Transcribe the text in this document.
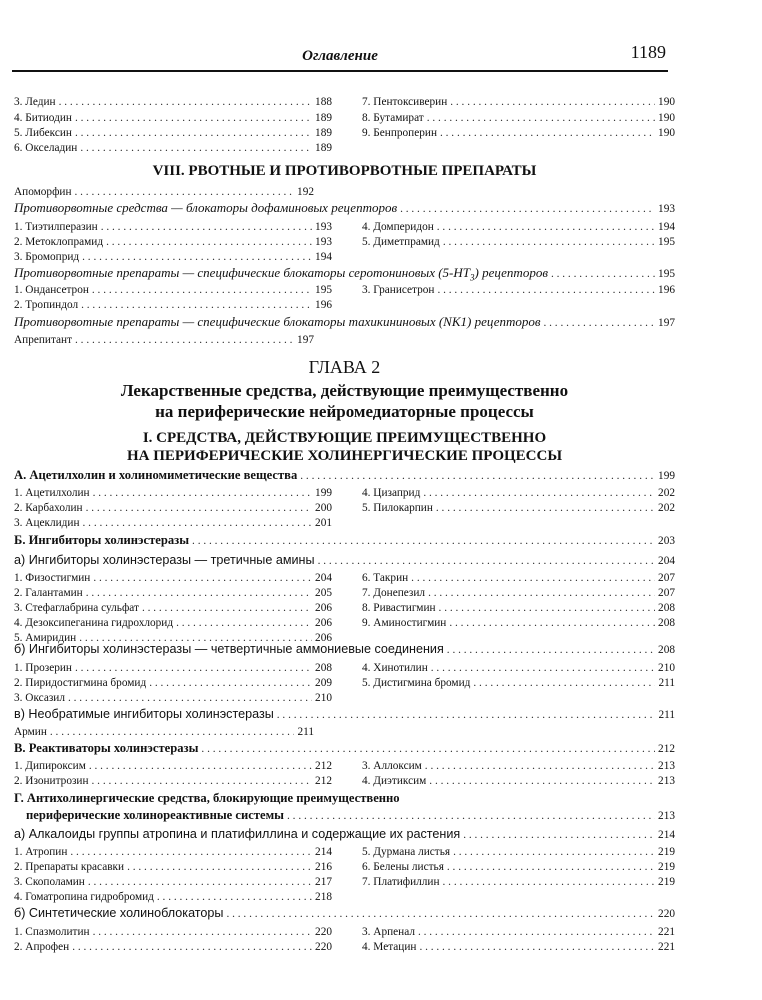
Оглавление	1189
3. Ледин . . .	188
4. Битиодин . . .	189
5. Либексин . . .	189
6. Окселадин . . .	189
7. Пентоксиверин . . .	190
8. Бутамират . . .	190
9. Бенпроперин . . .	190
VIII. РВОТНЫЕ И ПРОТИВОРВОТНЫЕ ПРЕПАРАТЫ
Апоморфин . . .	192
Противорвотные средства — блокаторы дофаминовых рецепторов . . .	193
1. Тиэтилперазин . . .	193
2. Метоклопрамид . . .	193
3. Бромоприд . . .	194
4. Домперидон . . .	194
5. Диметпрамид . . .	195
Противорвотные препараты — специфические блокаторы серотониновых $(5-НТ_3)$ рецепторов . . .	195
1. Ондансетрон . . .	195
2. Тропиндол . . .	196
3. Гранисетрон . . .	196
Противорвотные препараты — специфические блокаторы тахикининовых (NK1) рецепторов . . .	197
Апрепитант . . .	197
ГЛАВА 2
Лекарственные средства, действующие преимущественно
на периферические нейромедиаторные процессы
I. СРЕДСТВА, ДЕЙСТВУЮЩИЕ ПРЕИМУЩЕСТВЕННО
НА ПЕРИФЕРИЧЕСКИЕ ХОЛИНЕРГИЧЕСКИЕ ПРОЦЕССЫ
А. Ацетилхолин и холиномиметические вещества . . .	199
1. Ацетилхолин . . .	199
2. Карбахолин . . .	200
3. Ацеклидин . . .	201
4. Цизаприд . . .	202
5. Пилокарпин . . .	202
Б. Ингибиторы холинэстеразы . . .	203
а) Ингибиторы холинэстеразы — третичные амины . . .	204
1. Физостигмин . . .	204
2. Галантамин . . .	205
3. Стефаглабрина сульфат . . .	206
4. Дезоксипеганина гидрохлорид . . .	206
5. Амиридин . . .	206
6. Такрин . . .	207
7. Донепезил . . .	207
8. Ривастигмин . . .	208
9. Аминостигмин . . .	208
б) Ингибиторы холинэстеразы — четвертичные аммониевые соединения . . .	208
1. Прозерин . . .	208
2. Пиридостигмина бромид . . .	209
3. Оксазил . . .	210
4. Хинотилин . . .	210
5. Дистигмина бромид . . .	211
в) Необратимые ингибиторы холинэстеразы . . .	211
Армин . . .	211
В. Реактиваторы холинэстеразы . . .	212
1. Дипироксим . . .	212
2. Изонитрозин . . .	212
3. Аллоксим . . .	213
4. Диэтиксим . . .	213
Г. Антихолинергические средства, блокирующие преимущественно
периферические холинореактивные системы . . .	213
а) Алкалоиды группы атропина и платифиллина и содержащие их растения . . .	214
1. Атропин . . .	214
2. Препараты красавки . . .	216
3. Скополамин . . .	217
4. Гоматропина гидробромид . . .	218
5. Дурмана листья . . .	219
6. Белены листья . . .	219
7. Платифиллин . . .	219
б) Синтетические холиноблокаторы . . .	220
1. Спазмолитин . . .	220
2. Апрофен . . .	220
3. Арпенал . . .	221
4. Метацин . . .	221
